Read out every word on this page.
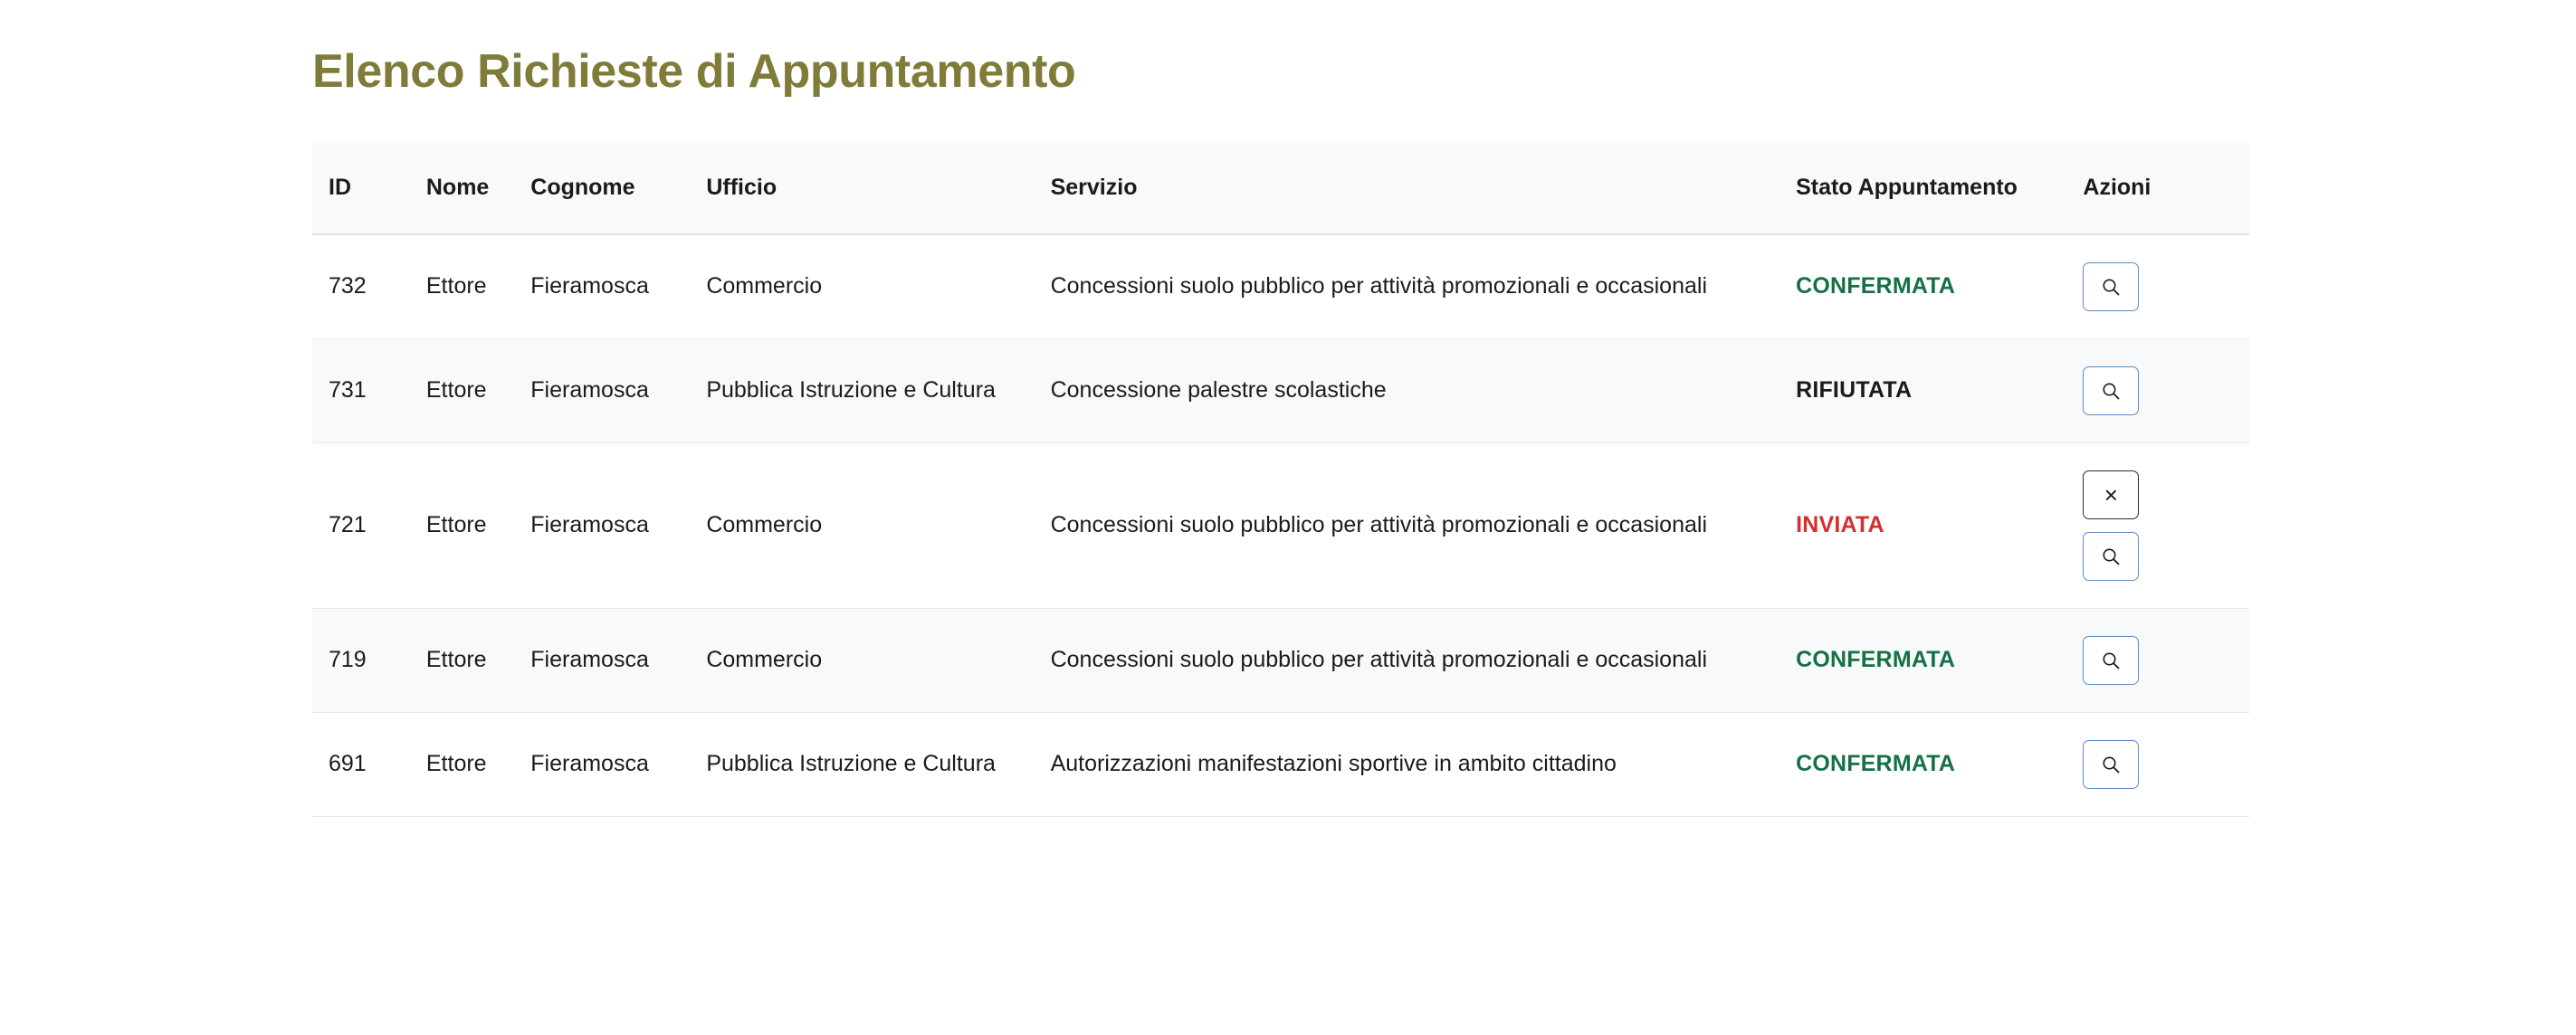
Elenco Richieste di Appuntamento
ID	Nome	Cognome	Ufficio	Servizio	Stato Appuntamento	Azioni
732	Ettore	Fieramosca	Commercio	Concessioni suolo pubblico per attività promozionali e occasionali	CONFERMATA	

731	Ettore	Fieramosca	Pubblica Istruzione e Cultura	Concessione palestre scolastiche	RIFIUTATA	

721	Ettore	Fieramosca	Commercio	Concessioni suolo pubblico per attività promozionali e occasionali	INVIATA	×

719	Ettore	Fieramosca	Commercio	Concessioni suolo pubblico per attività promozionali e occasionali	CONFERMATA	

691	Ettore	Fieramosca	Pubblica Istruzione e Cultura	Autorizzazioni manifestazioni sportive in ambito cittadino	CONFERMATA	
